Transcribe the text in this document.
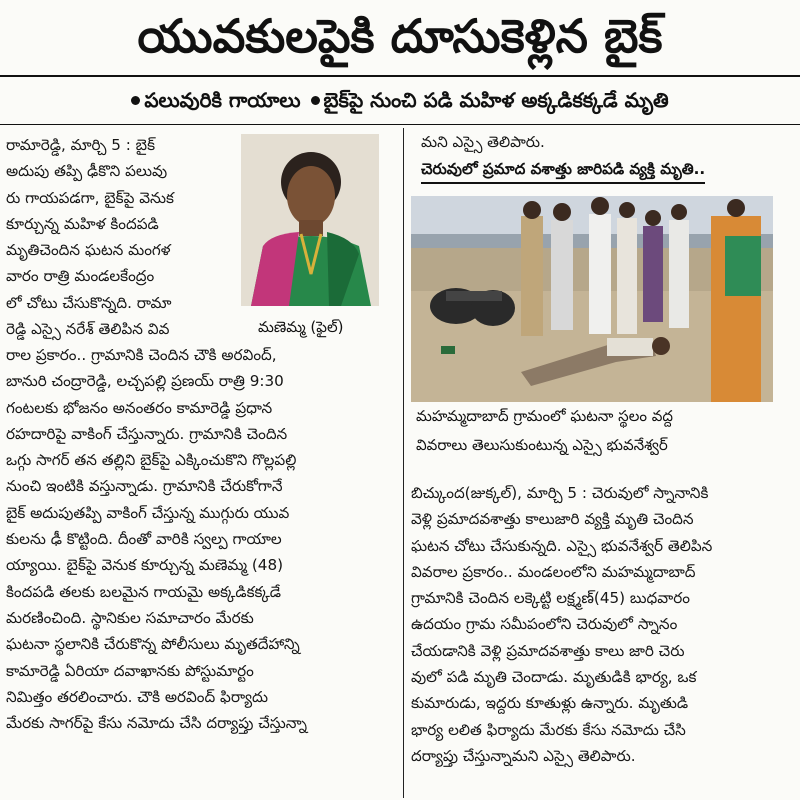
యువకులపైకి దూసుకెళ్లిన బైక్
పలువురికి గాయాలు బైక్‌పై నుంచి పడి మహిళ అక్కడికక్కడే మృతి

రామారెడ్డి, మార్చి 5 : బైక్

అదుపు తప్పి ఢీకొని పలువు

రు గాయపడగా, బైక్‌పై వెనుక

కూర్చున్న మహిళ కిందపడి

మృతిచెందిన ఘటన మంగళ

వారం రాత్రి మండలకేంద్రం

లో చోటు చేసుకొన్నది. రామా

రెడ్డి ఎస్సై నరేశ్ తెలిపిన వివ	మణెమ్మ (ఫైల్)

రాల ప్రకారం.. గ్రామానికి చెందిన చౌకి అరవింద్,

బానురి చంద్రారెడ్డి, లచ్చపల్లి ప్రణయ్ రాత్రి 9:30

గంటలకు భోజనం అనంతరం కామారెడ్డి ప్రధాన

రహదారిపై వాకింగ్ చేస్తున్నారు. గ్రామానికి చెందిన

ఒగ్గు సాగర్ తన తల్లిని బైక్‌పై ఎక్కించుకొని గొల్లపల్లి

నుంచి ఇంటికి వస్తున్నాడు. గ్రామానికి చేరుకోగానే

బైక్ అదుపుతప్పి వాకింగ్ చేస్తున్న ముగ్గురు యువ

కులను ఢీ కొట్టింది. దీంతో వారికి స్వల్ప గాయాల

య్యాయి. బైక్‌పై వెనుక కూర్చున్న మణెమ్మ (48)

కిందపడి తలకు బలమైన గాయమై అక్కడికక్కడే

మరణించింది. స్థానికుల సమాచారం మేరకు

ఘటనా స్థలానికి చేరుకొన్న పోలీసులు మృతదేహాన్ని

కామారెడ్డి ఏరియా దవాఖానకు పోస్టుమార్టం

నిమిత్తం తరలించారు. చౌకి అరవింద్ ఫిర్యాదు

మేరకు సాగర్‌పై కేసు నమోదు చేసి దర్యాప్తు చేస్తున్నా

మని ఎస్సై తెలిపారు.

చెరువులో ప్రమాద వశాత్తు జారిపడి వ్యక్తి మృతి..
మహమ్మదాబాద్ గ్రామంలో ఘటనా స్థలం వద్ద
వివరాలు తెలుసుకుంటున్న ఎస్సై భువనేశ్వర్

బిచ్కుంద(జుక్కల్), మార్చి 5 : చెరువులో స్నానానికి

వెళ్లి ప్రమాదవశాత్తు కాలుజారి వ్యక్తి మృతి చెందిన

ఘటన చోటు చేసుకున్నది. ఎస్సై భువనేశ్వర్ తెలిపిన

వివరాల ప్రకారం.. మండలంలోని మహమ్మదాబాద్

గ్రామానికి చెందిన లక్కెట్టి లక్ష్మణ్(45) బుధవారం

ఉదయం గ్రామ సమీపంలోని చెరువులో స్నానం

చేయడానికి వెళ్లి ప్రమాదవశాత్తు కాలు జారి చెరు

వులో పడి మృతి చెందాడు. మృతుడికి భార్య, ఒక

కుమారుడు, ఇద్దరు కూతుళ్లు ఉన్నారు. మృతుడి

భార్య లలిత ఫిర్యాదు మేరకు కేసు నమోదు చేసి

దర్యాప్తు చేస్తున్నామని ఎస్సై తెలిపారు.
